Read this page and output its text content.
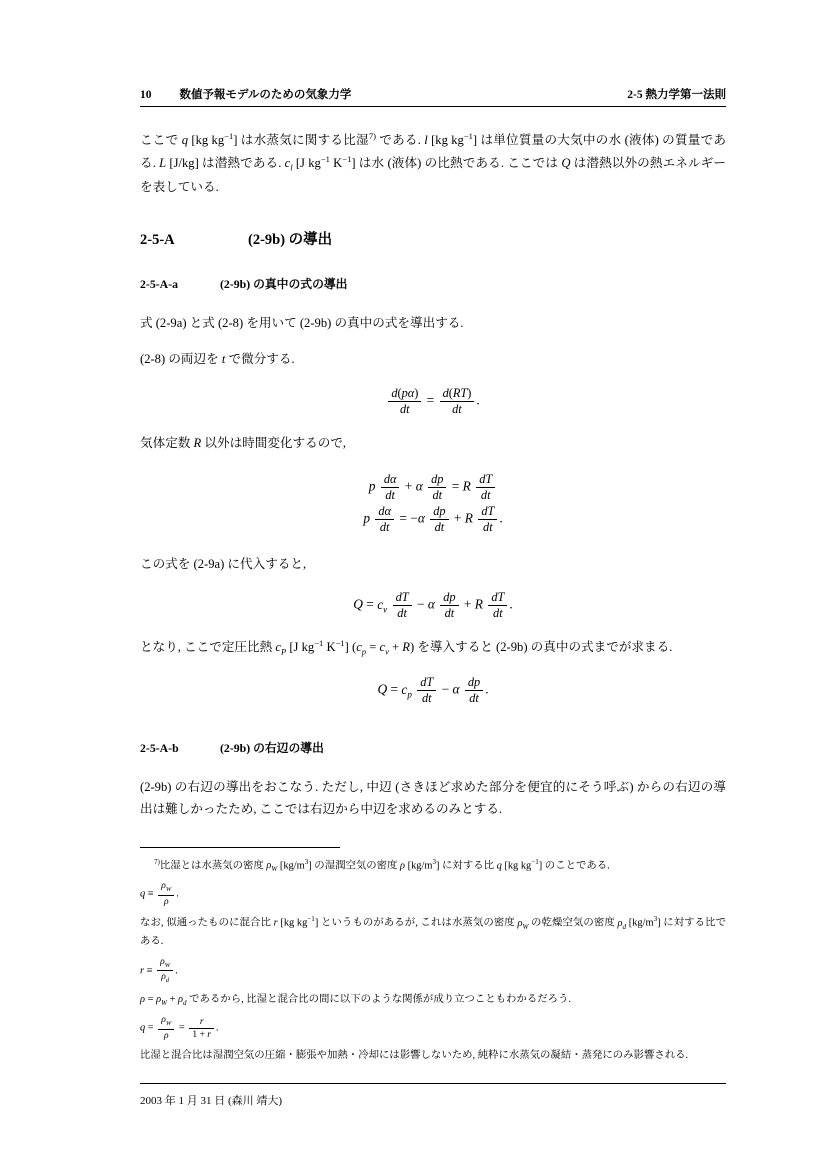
10 数値予報モデルのための気象力学	2-5 熱力学第一法則

ここで q [kg $kg^{-1}$] は水蒸気に関する比湿$^{7)}$ である. l [kg $kg^{-1}$] は単位質量の大気中の水 (液体) の質量である. L [J/kg] は潜熱である. $c_l$ [J $kg^{-1}$ $K^{-1}$] は水 (液体) の比熱である. ここでは Q は潜熱以外の熱エネルギーを表している.

2-5-A	(2-9b) の導出
2-5-A-a	(2-9b) の真中の式の導出

式 (2-9a) と式 (2-8) を用いて (2-9b) の真中の式を導出する.

(2-8) の両辺を t で微分する.

$\frac{d(p\alpha)}{dt} = \frac{d(RT)}{dt}$ .

気体定数 R 以外は時間変化するので,

p $\frac{d\alpha}{dt} + \alpha \frac{dp}{dt} = R \frac{dT}{dt}$
p $\frac{d\alpha}{dt} = -\alpha \frac{dp}{dt} + R \frac{dT}{dt}$ .

この式を (2-9a) に代入すると,

$Q = c_v \frac{dT}{dt} - \alpha \frac{dp}{dt} + R \frac{dT}{dt}$ .

となり, ここで定圧比熱 $c_P$ [J $kg^{-1}$ $K^{-1}$] $(c_p = c_v + R)$ を導入すると (2-9b) の真中の式までが求まる.

$Q = c_p \frac{dT}{dt} - \alpha \frac{dp}{dt}$ .
2-5-A-b	(2-9b) の右辺の導出

(2-9b) の右辺の導出をおこなう. ただし, 中辺 (さきほど求めた部分を便宜的にそう呼ぶ) からの右辺の導出は難しかったため, ここでは右辺から中辺を求めるのみとする.

$^{7)}$比湿とは水蒸気の密度 $\rho_W$ $[kg/m^3]$ の湿潤空気の密度 ρ $[kg/m^3]$ に対する比 q [kg $kg^{-1}$] のことである.

$q \equiv \frac{\rho_W}{\rho}$ .

なお, 似通ったものに混合比 r [kg $kg^{-1}$] というものがあるが, これは水蒸気の密度 $\rho_W$ の乾燥空気の密度 $\rho_d$ $[kg/m^3]$ に対する比である.

$r \equiv \frac{\rho_W}{\rho_d}$ .

$\rho = \rho_W + \rho_d$ であるから, 比湿と混合比の間に以下のような関係が成り立つこともわかるだろう.

$q = \frac{\rho_W}{\rho} = \frac{r}{1 + r}$ .

比湿と混合比は湿潤空気の圧縮・膨張や加熱・冷却には影響しないため, 純粋に水蒸気の凝結・蒸発にのみ影響される.

2003 年 1 月 31 日 (森川 靖大)
